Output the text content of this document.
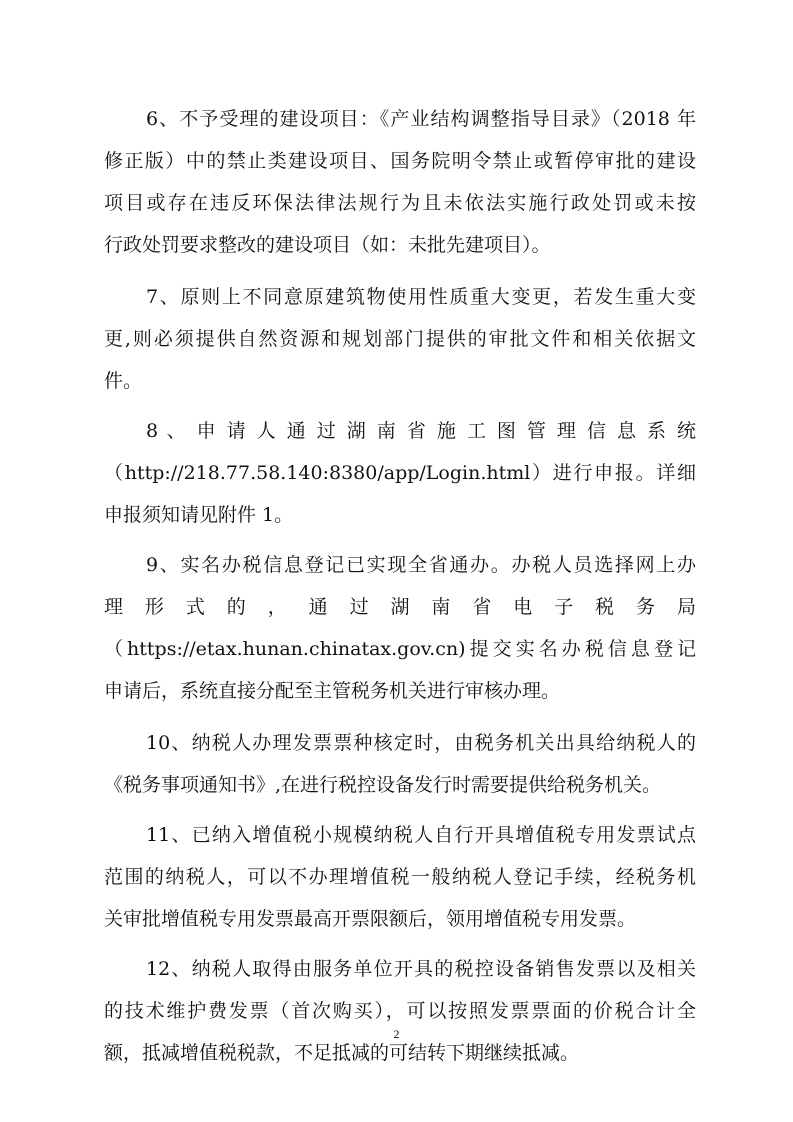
6、不予受理的建设项目：《产业结构调整指导目录》（2018 年
修正版）中的禁止类建设项目、国务院明令禁止或暂停审批的建设
项目或存在违反环保法律法规行为且未依法实施行政处罚或未按
行政处罚要求整改的建设项目（如：未批先建项目）。
7、原则上不同意原建筑物使用性质重大变更，若发生重大变
更,则必须提供自然资源和规划部门提供的审批文件和相关依据文
件。
8 、 申 请 人 通 过 湖 南 省 施 工 图 管 理 信 息 系 统
（http://218.77.58.140:8380/app/Login.html）进行申报。详细
申报须知请见附件 1。
9、实名办税信息登记已实现全省通办。办税人员选择网上办
理 形 式 的 ， 通 过 湖 南 省 电 子 税 务 局
（https://etax.hunan.chinatax.gov.cn)提交实名办税信息登记
申请后，系统直接分配至主管税务机关进行审核办理。
10、纳税人办理发票票种核定时，由税务机关出具给纳税人的
《税务事项通知书》,在进行税控设备发行时需要提供给税务机关。
11、已纳入增值税小规模纳税人自行开具增值税专用发票试点
范围的纳税人，可以不办理增值税一般纳税人登记手续，经税务机
关审批增值税专用发票最高开票限额后，领用增值税专用发票。
12、纳税人取得由服务单位开具的税控设备销售发票以及相关
的技术维护费发票（首次购买），可以按照发票票面的价税合计全
额，抵减增值税税款，不足抵减的可结转下期继续抵减。
2
